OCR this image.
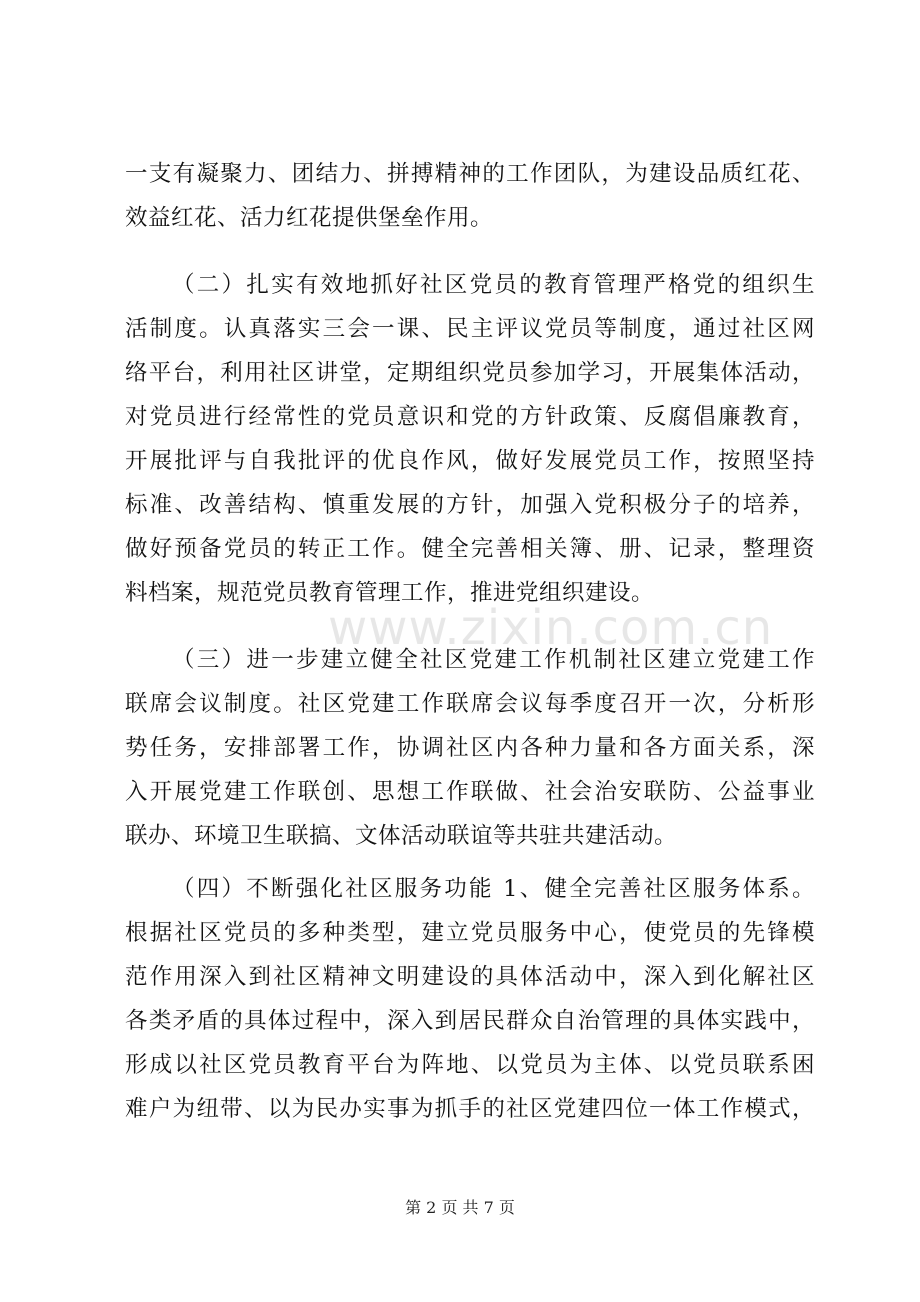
一支有凝聚力、团结力、拼搏精神的工作团队，为建设品质红花、
效益红花、活力红花提供堡垒作用。
（二）扎实有效地抓好社区党员的教育管理严格党的组织生
活制度。认真落实三会一课、民主评议党员等制度，通过社区网
络平台，利用社区讲堂，定期组织党员参加学习，开展集体活动，
对党员进行经常性的党员意识和党的方针政策、反腐倡廉教育，
开展批评与自我批评的优良作风，做好发展党员工作，按照坚持
标准、改善结构、慎重发展的方针，加强入党积极分子的培养，
做好预备党员的转正工作。健全完善相关簿、册、记录，整理资
料档案，规范党员教育管理工作，推进党组织建设。
（三）进一步建立健全社区党建工作机制社区建立党建工作
联席会议制度。社区党建工作联席会议每季度召开一次，分析形
势任务，安排部署工作，协调社区内各种力量和各方面关系，深
入开展党建工作联创、思想工作联做、社会治安联防、公益事业
联办、环境卫生联搞、文体活动联谊等共驻共建活动。
（四）不断强化社区服务功能 1、健全完善社区服务体系。
根据社区党员的多种类型，建立党员服务中心，使党员的先锋模
范作用深入到社区精神文明建设的具体活动中，深入到化解社区
各类矛盾的具体过程中，深入到居民群众自治管理的具体实践中，
形成以社区党员教育平台为阵地、以党员为主体、以党员联系困
难户为纽带、以为民办实事为抓手的社区党建四位一体工作模式，
www.zixin.com.cn
第 2 页 共 7 页
